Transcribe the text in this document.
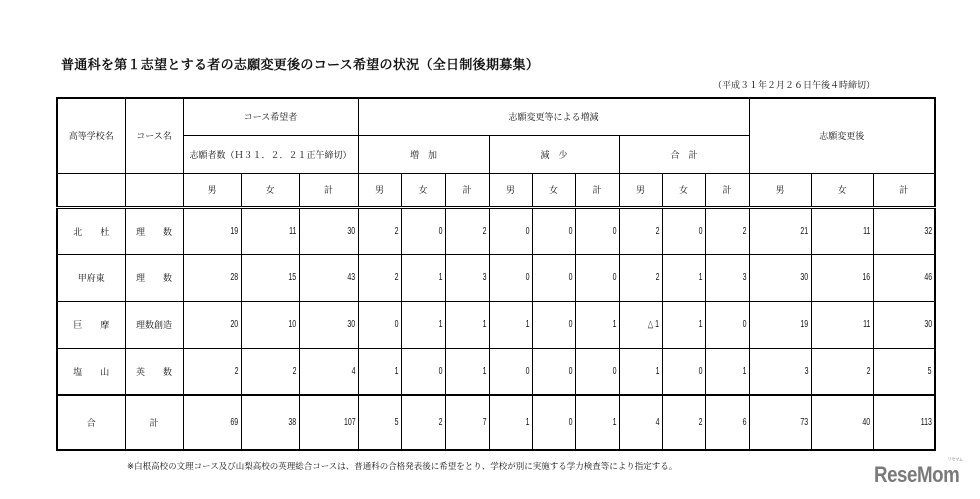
普通科を第１志望とする者の志願変更後のコース希望の状況（全日制後期募集）
（平成３１年２月２６日午後４時締切）
高等学校名	コース名	コース希望者			志願変更等による増減									志願変更後		
		志願者数（Ｈ３１．２．２１正午締切）			増　加			減　少			合　計					
		男	女	計	男	女	計	男	女	計	男	女	計	男	女	計
北　　杜	理　　数	19	11	30	2	0	2	0	0	0	2	0	2	21	11	32
甲府東	理　　数	28	15	43	2	1	3	0	0	0	2	1	3	30	16	46
巨　　摩	理数創造	20	10	30	0	1	1	1	0	1	△ 1	1	0	19	11	30
塩　　山	英　　数	2	2	4	1	0	1	0	0	0	1	0	1	3	2	5
合	計	69	38	107	5	2	7	1	0	1	4	2	6	73	40	113
※白根高校の文理コース及び山梨高校の英理総合コースは、普通科の合格発表後に希望をとり、学校が別に実施する学力検査等により指定する。	ReseMom
リセマム
